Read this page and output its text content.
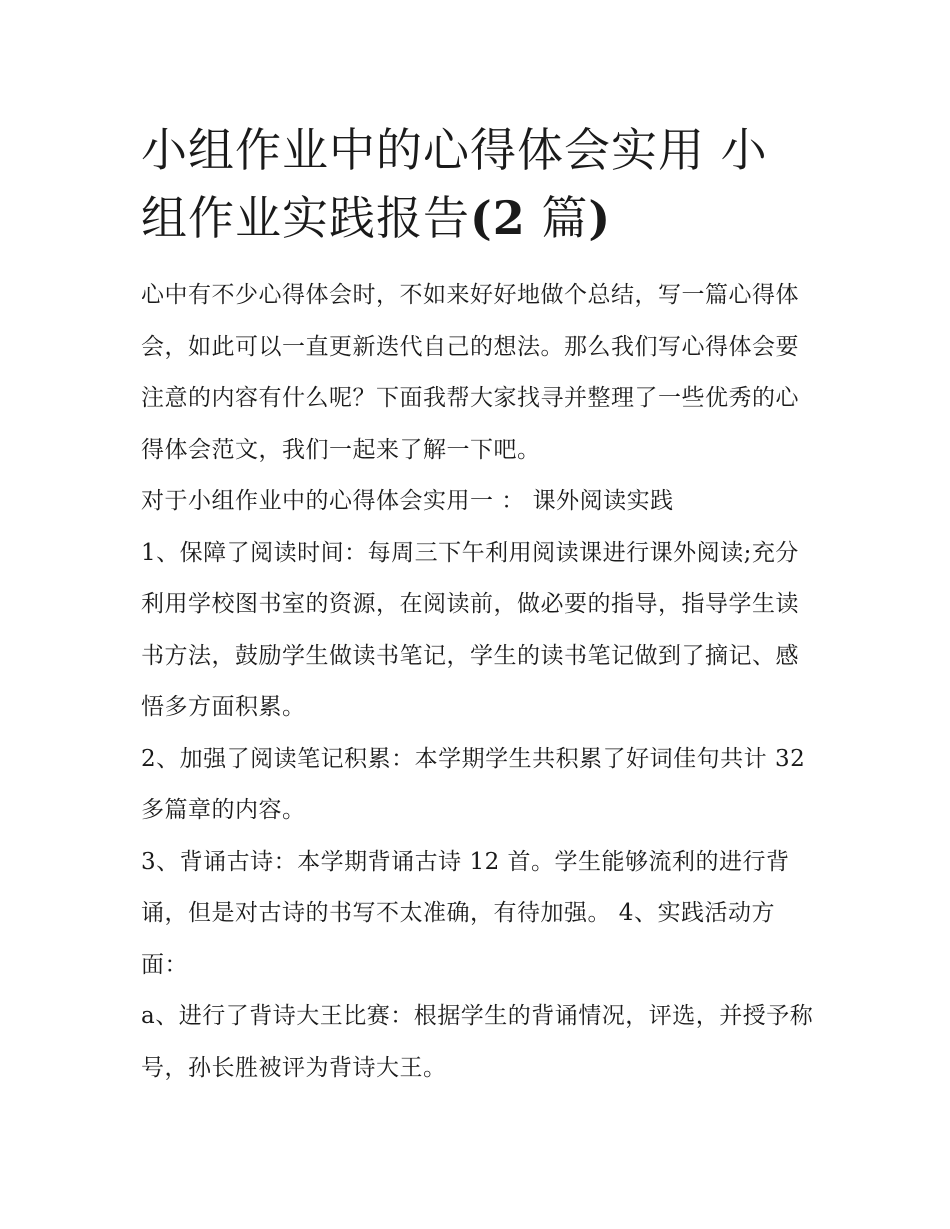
小组作业中的心得体会实用 小
组作业实践报告(2 篇)

心中有不少心得体会时，不如来好好地做个总结，写一篇心得体会，如此可以一直更新迭代自己的想法。那么我们写心得体会要注意的内容有什么呢？下面我帮大家找寻并整理了一些优秀的心得体会范文，我们一起来了解一下吧。

对于小组作业中的心得体会实用一 ： 课外阅读实践

1、保障了阅读时间：每周三下午利用阅读课进行课外阅读;充分利用学校图书室的资源，在阅读前，做必要的指导，指导学生读书方法，鼓励学生做读书笔记，学生的读书笔记做到了摘记、感悟多方面积累。

2、加强了阅读笔记积累：本学期学生共积累了好词佳句共计 32 多篇章的内容。

3、背诵古诗：本学期背诵古诗 12 首。学生能够流利的进行背诵，但是对古诗的书写不太准确，有待加强。 4、实践活动方面：

a、进行了背诗大王比赛：根据学生的背诵情况，评选，并授予称号，孙长胜被评为背诗大王。
